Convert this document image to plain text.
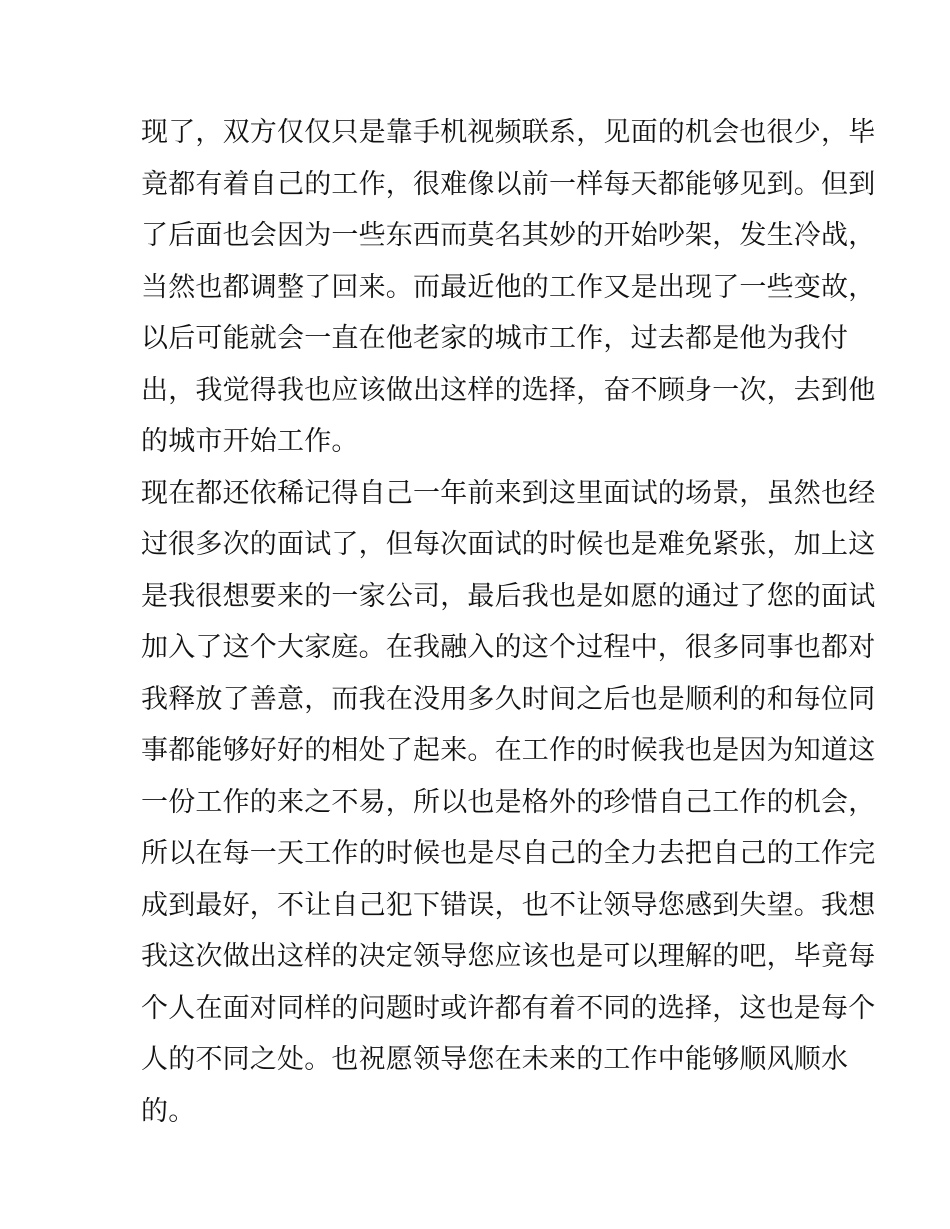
现了，双方仅仅只是靠手机视频联系，见面的机会也很少，毕
竟都有着自己的工作，很难像以前一样每天都能够见到。但到
了后面也会因为一些东西而莫名其妙的开始吵架，发生冷战，
当然也都调整了回来。而最近他的工作又是出现了一些变故，
以后可能就会一直在他老家的城市工作，过去都是他为我付
出，我觉得我也应该做出这样的选择，奋不顾身一次，去到他
的城市开始工作。
现在都还依稀记得自己一年前来到这里面试的场景，虽然也经
过很多次的面试了，但每次面试的时候也是难免紧张，加上这
是我很想要来的一家公司，最后我也是如愿的通过了您的面试
加入了这个大家庭。在我融入的这个过程中，很多同事也都对
我释放了善意，而我在没用多久时间之后也是顺利的和每位同
事都能够好好的相处了起来。在工作的时候我也是因为知道这
一份工作的来之不易，所以也是格外的珍惜自己工作的机会，
所以在每一天工作的时候也是尽自己的全力去把自己的工作完
成到最好，不让自己犯下错误，也不让领导您感到失望。我想
我这次做出这样的决定领导您应该也是可以理解的吧，毕竟每
个人在面对同样的问题时或许都有着不同的选择，这也是每个
人的不同之处。也祝愿领导您在未来的工作中能够顺风顺水
的。
